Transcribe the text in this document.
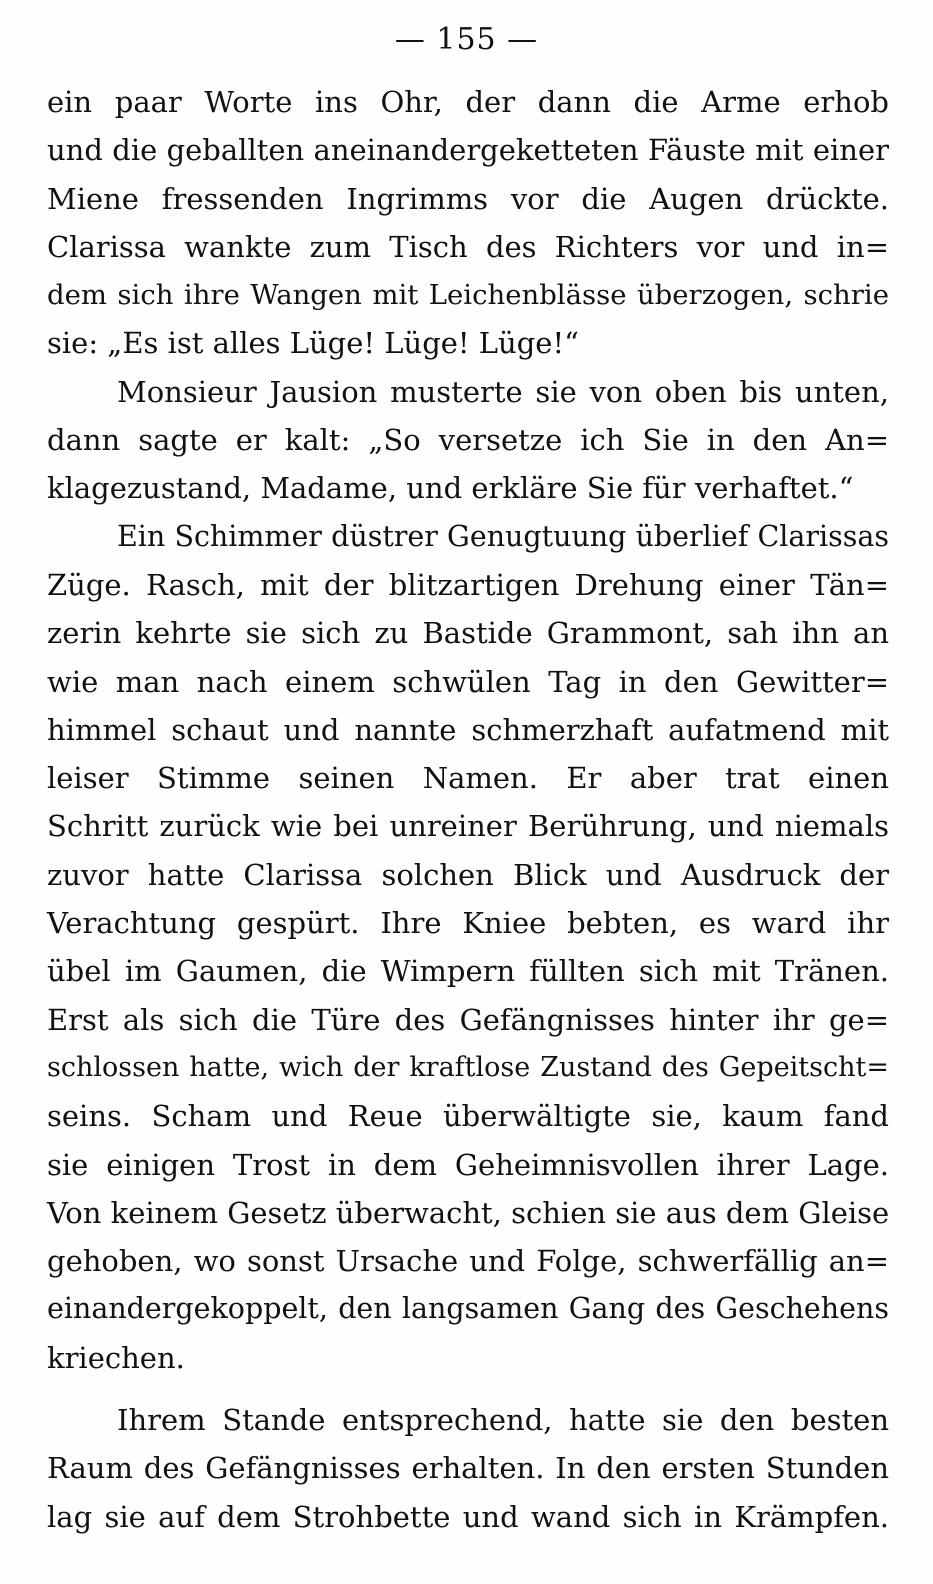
— 155 —
ein paar Worte ins Ohr, der dann die Arme erhob
und die geballten aneinandergeketteten Fäuste mit einer
Miene fressenden Ingrimms vor die Augen drückte.
Clarissa wankte zum Tisch des Richters vor und in=
dem sich ihre Wangen mit Leichenblässe überzogen, schrie
sie: „Es ist alles Lüge! Lüge! Lüge!“
Monsieur Jausion musterte sie von oben bis unten,
dann sagte er kalt: „So versetze ich Sie in den An=
klagezustand, Madame, und erkläre Sie für verhaftet.“
Ein Schimmer düstrer Genugtuung überlief Clarissas
Züge. Rasch, mit der blitzartigen Drehung einer Tän=
zerin kehrte sie sich zu Bastide Grammont, sah ihn an
wie man nach einem schwülen Tag in den Gewitter=
himmel schaut und nannte schmerzhaft aufatmend mit
leiser Stimme seinen Namen. Er aber trat einen
Schritt zurück wie bei unreiner Berührung, und niemals
zuvor hatte Clarissa solchen Blick und Ausdruck der
Verachtung gespürt. Ihre Kniee bebten, es ward ihr
übel im Gaumen, die Wimpern füllten sich mit Tränen.
Erst als sich die Türe des Gefängnisses hinter ihr ge=
schlossen hatte, wich der kraftlose Zustand des Gepeitscht=
seins. Scham und Reue überwältigte sie, kaum fand
sie einigen Trost in dem Geheimnisvollen ihrer Lage.
Von keinem Gesetz überwacht, schien sie aus dem Gleise
gehoben, wo sonst Ursache und Folge, schwerfällig an=
einandergekoppelt, den langsamen Gang des Geschehens
kriechen.
Ihrem Stande entsprechend, hatte sie den besten
Raum des Gefängnisses erhalten. In den ersten Stunden
lag sie auf dem Strohbette und wand sich in Krämpfen.
